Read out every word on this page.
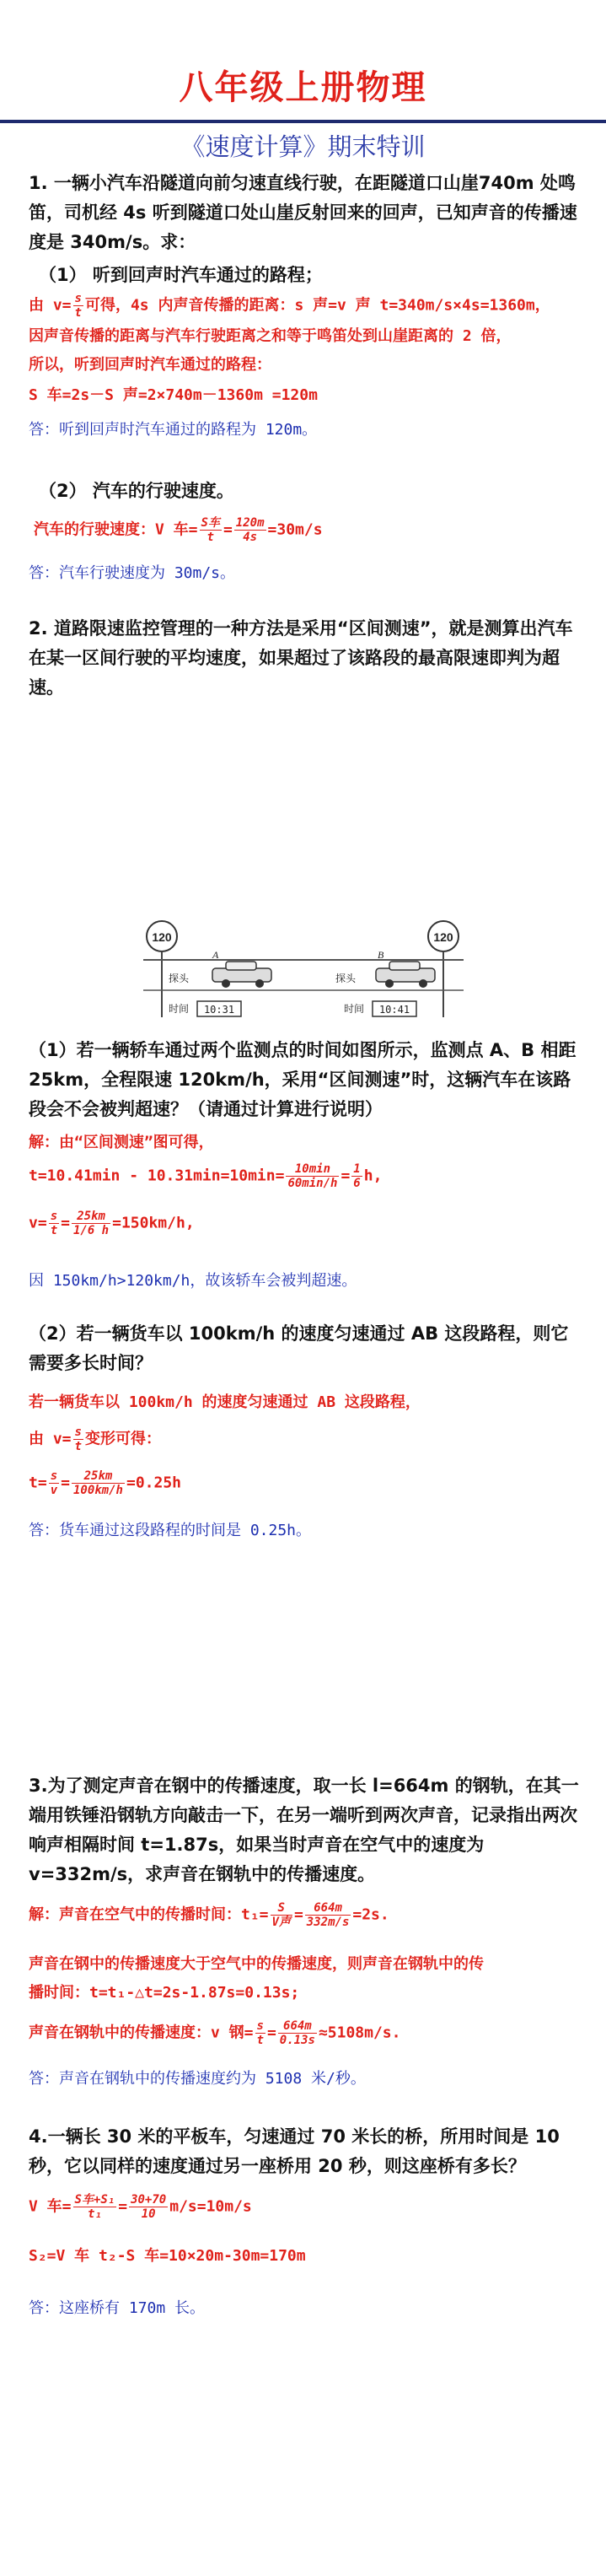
八年级上册物理
《速度计算》期末特训
1. 一辆小汽车沿隧道向前匀速直线行驶，在距隧道口山崖740m 处鸣笛，司机经 4s 听到隧道口处山崖反射回来的回声，已知声音的传播速度是 340m/s。求：
（1） 听到回声时汽车通过的路程；
由 $v= \frac{s}{t}$ 可得，4s 内声音传播的距离：s 声=v 声 t=340m/s×4s=1360m，
因声音传播的距离与汽车行驶距离之和等于鸣笛处到山崖距离的 2 倍，
所以，听到回声时汽车通过的路程：
S 车=2s－S 声=2×740m－1360m =120m
答：听到回声时汽车通过的路程为 120m。
（2） 汽车的行驶速度。
汽车的行驶速度：V 车= $\frac{\text{S车}}{t} = \frac{120m}{4s} =30m/s$
答：汽车行驶速度为 30m/s。
2. 道路限速监控管理的一种方法是采用“区间测速”，就是测算出汽车在某一区间行驶的平均速度，如果超过了该路段的最高限速即判为超速。
120	120
A	B
探头	探头
时间 10:31	时间 10:41
（1）若一辆轿车通过两个监测点的时间如图所示，监测点 A、B 相距 25km，全程限速 120km/h，采用“区间测速”时，这辆汽车在该路段会不会被判超速？（请通过计算进行说明）
解：由“区间测速”图可得，
$t=10.41\min - 10.31\min=10\min= \frac{10\min}{60\min/h} = \frac{1}{6} h$,
$v= \frac{s}{t} = \frac{25km}{1/6 h} =150km/h$,
因 150km/h>120km/h，故该轿车会被判超速。
（2）若一辆货车以 100km/h 的速度匀速通过 AB 这段路程，则它需要多长时间？
若一辆货车以 100km/h 的速度匀速通过 AB 这段路程，
由 $v= \frac{s}{t}$ 变形可得：
$t= \frac{s}{v} = \frac{25km}{100km/h} =0.25h$
答：货车通过这段路程的时间是 0.25h。
3.为了测定声音在钢中的传播速度，取一长 l=664m 的钢轨，在其一端用铁锤沿钢轨方向敲击一下，在另一端听到两次声音，记录指出两次响声相隔时间 t=1.87s，如果当时声音在空气中的速度为v=332m/s，求声音在钢轨中的传播速度。
解：声音在空气中的传播时间：$t_1= \frac{S}{\text{V声}} = \frac{664m}{332m/s} =2s$.
声音在钢中的传播速度大于空气中的传播速度，则声音在钢轨中的传
播时间：t=t₁-△t=2s-1.87s=0.13s;
声音在钢轨中的传播速度：v 钢= $\frac{s}{t} = \frac{664m}{0.13s} \approx 5108m/s$.
答：声音在钢轨中的传播速度约为 5108 米/秒。
4.一辆长 30 米的平板车，匀速通过 70 米长的桥，所用时间是 10 秒，它以同样的速度通过另一座桥用 20 秒，则这座桥有多长？
V 车= $\frac{\text{S车+S₁}}{\text{t₁}} = \frac{30+70}{10} m/s=10m/s$
S₂=V 车 t₂-S 车=10×20m-30m=170m
答：这座桥有 170m 长。
